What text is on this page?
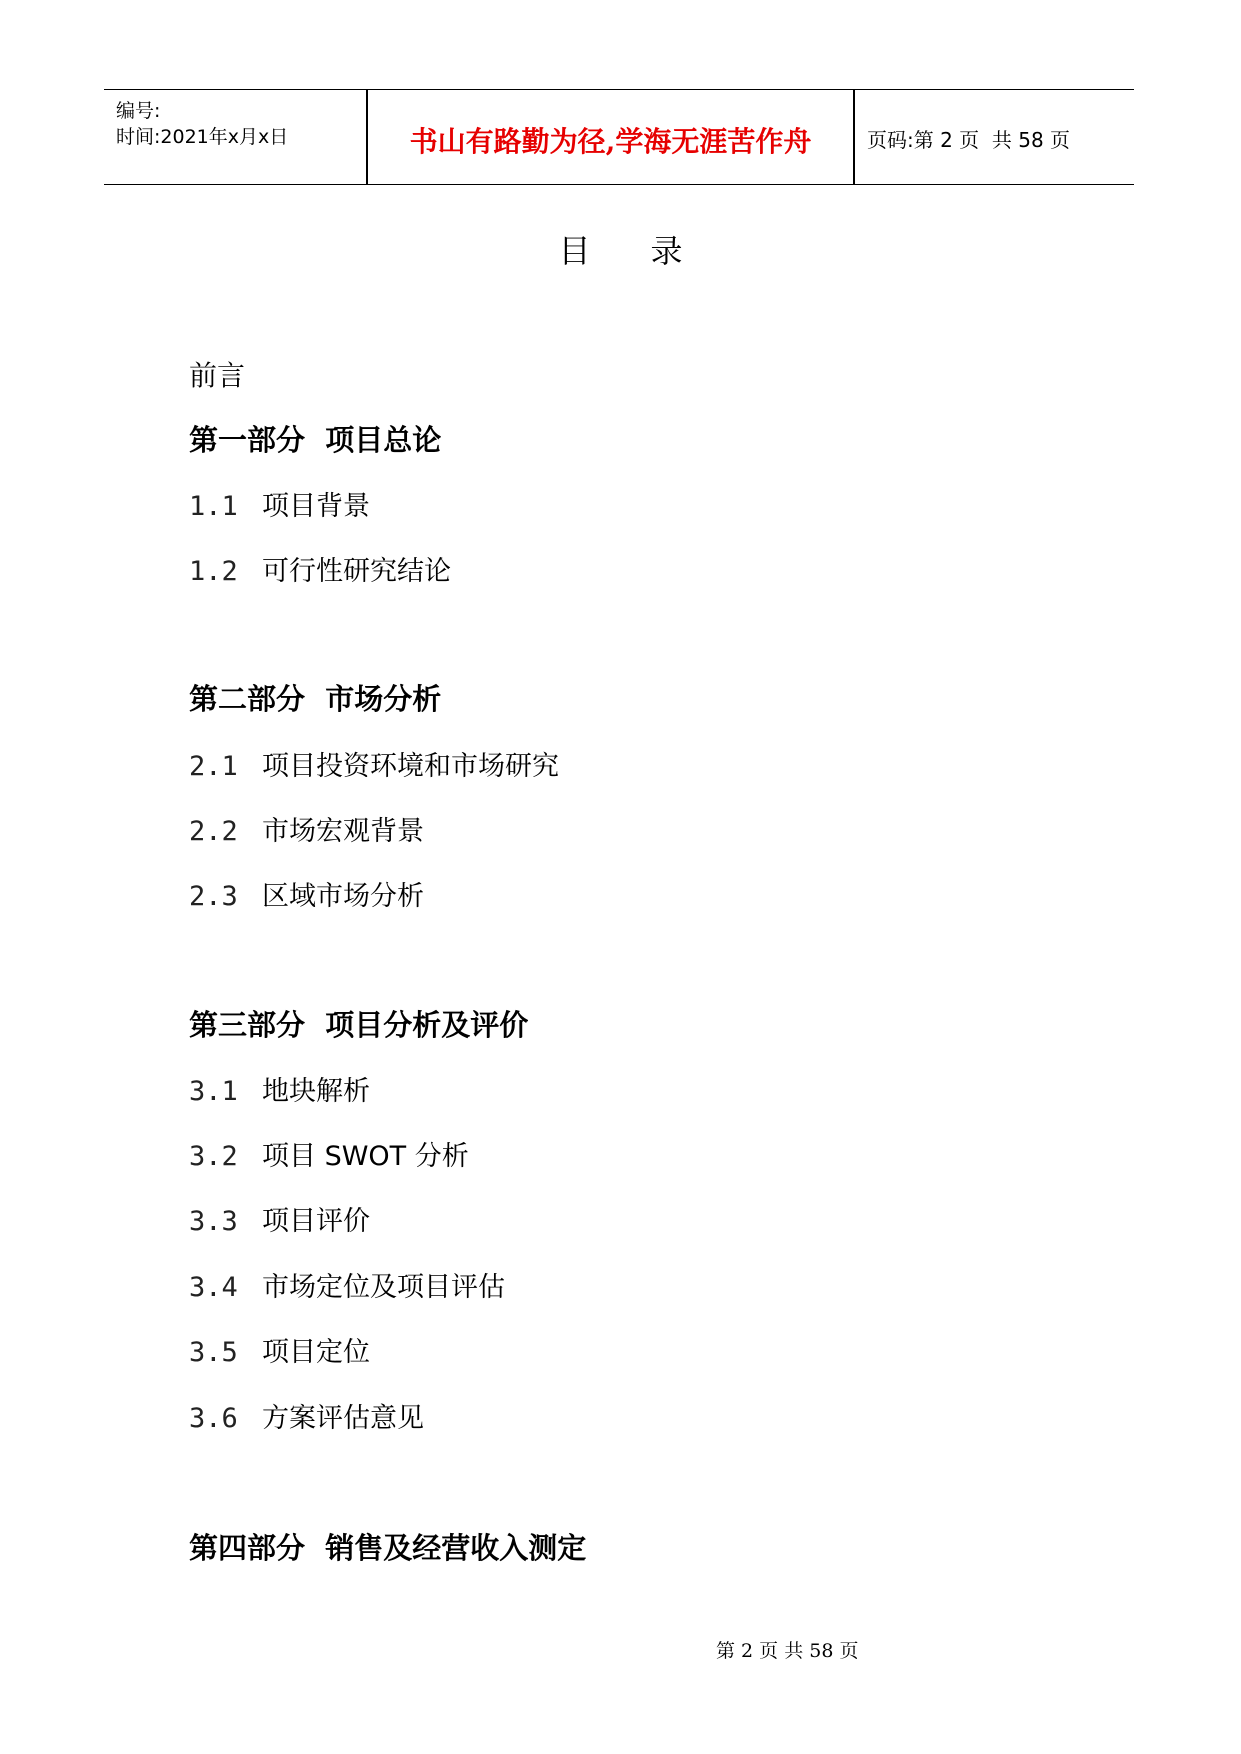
编号:
时间:2021年x月x日	书山有路勤为径,学海无涯苦作舟	页码:第 2 页  共 58 页
目录
前言
第一部分  项目总论
1.1 项目背景
1.2 可行性研究结论
第二部分  市场分析
2.1 项目投资环境和市场研究
2.2 市场宏观背景
2.3 区域市场分析
第三部分  项目分析及评价
3.1 地块解析
3.2 项目 SWOT 分析
3.3 项目评价
3.4 市场定位及项目评估
3.5 项目定位
3.6 方案评估意见
第四部分  销售及经营收入测定
第 2 页 共 58 页
